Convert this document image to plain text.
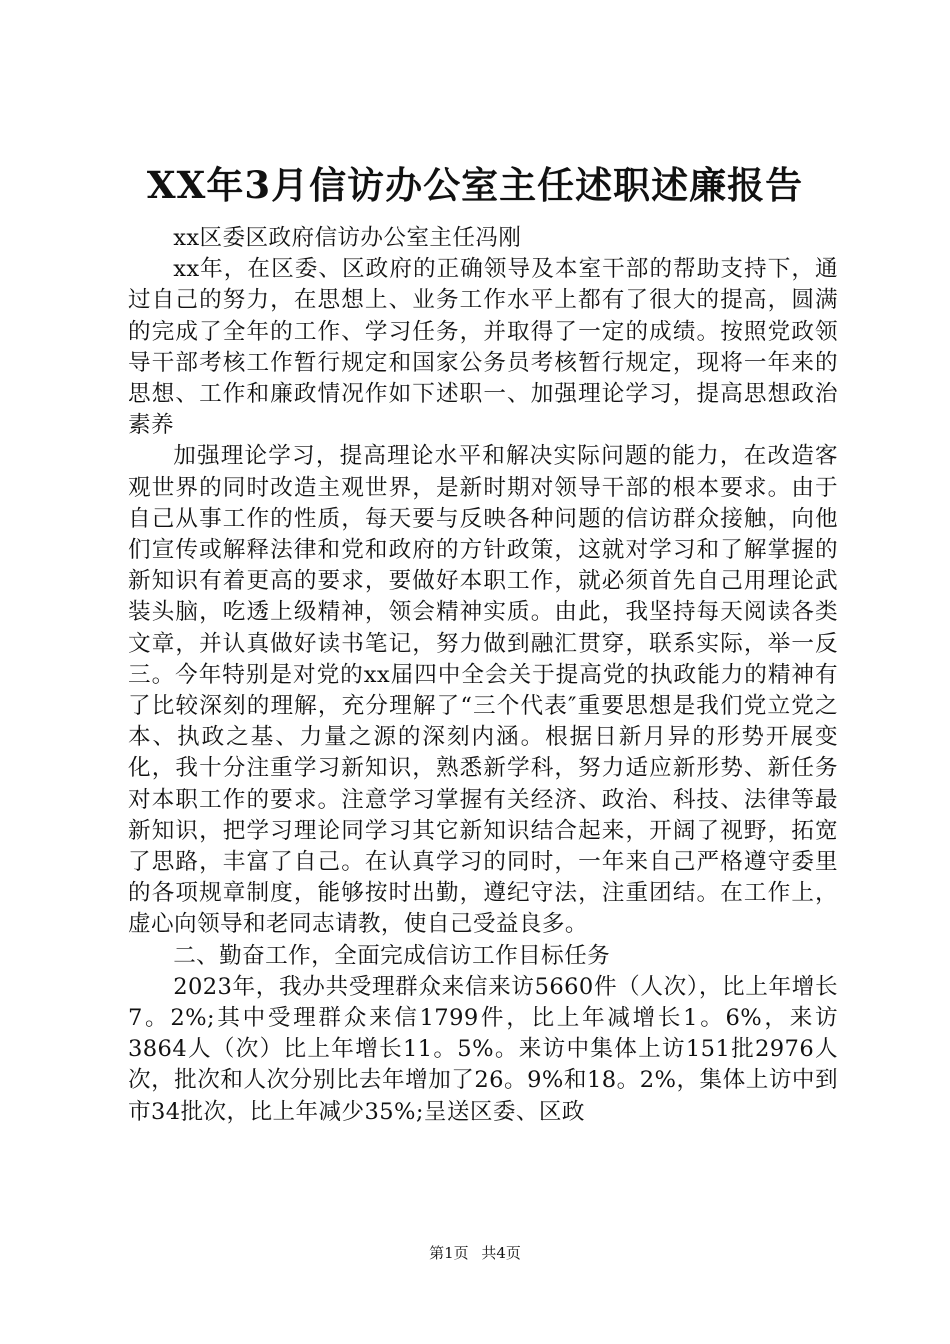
XX年3月信访办公室主任述职述廉报告

xx区委区政府信访办公室主任冯刚

xx年，在区委、区政府的正确领导及本室干部的帮助支持下，通过自己的努力，在思想上、业务工作水平上都有了很大的提高，圆满的完成了全年的工作、学习任务，并取得了一定的成绩。按照党政领导干部考核工作暂行规定和国家公务员考核暂行规定，现将一年来的思想、工作和廉政情况作如下述职一、加强理论学习，提高思想政治素养

加强理论学习，提高理论水平和解决实际问题的能力，在改造客观世界的同时改造主观世界，是新时期对领导干部的根本要求。由于自己从事工作的性质，每天要与反映各种问题的信访群众接触，向他们宣传或解释法律和党和政府的方针政策，这就对学习和了解掌握的新知识有着更高的要求，要做好本职工作，就必须首先自己用理论武装头脑，吃透上级精神，领会精神实质。由此，我坚持每天阅读各类文章，并认真做好读书笔记，努力做到融汇贯穿，联系实际，举一反三。今年特别是对党的xx届四中全会关于提高党的执政能力的精神有了比较深刻的理解，充分理解了“三个代表″重要思想是我们党立党之本、执政之基、力量之源的深刻内涵。根据日新月异的形势开展变化，我十分注重学习新知识，熟悉新学科，努力适应新形势、新任务对本职工作的要求。注意学习掌握有关经济、政治、科技、法律等最新知识，把学习理论同学习其它新知识结合起来，开阔了视野，拓宽了思路，丰富了自己。在认真学习的同时，一年来自己严格遵守委里的各项规章制度，能够按时出勤，遵纪守法，注重团结。在工作上，虚心向领导和老同志请教，使自己受益良多。

二、勤奋工作，全面完成信访工作目标任务

2023年，我办共受理群众来信来访5660件（人次），比上年增长7。2%;其中受理群众来信1799件，比上年减增长1。6%，来访3864人（次）比上年增长11。5%。来访中集体上访151批2976人次，批次和人次分别比去年增加了26。9%和18。2%，集体上访中到市34批次，比上年减少35%;呈送区委、区政

第1页 共4页
